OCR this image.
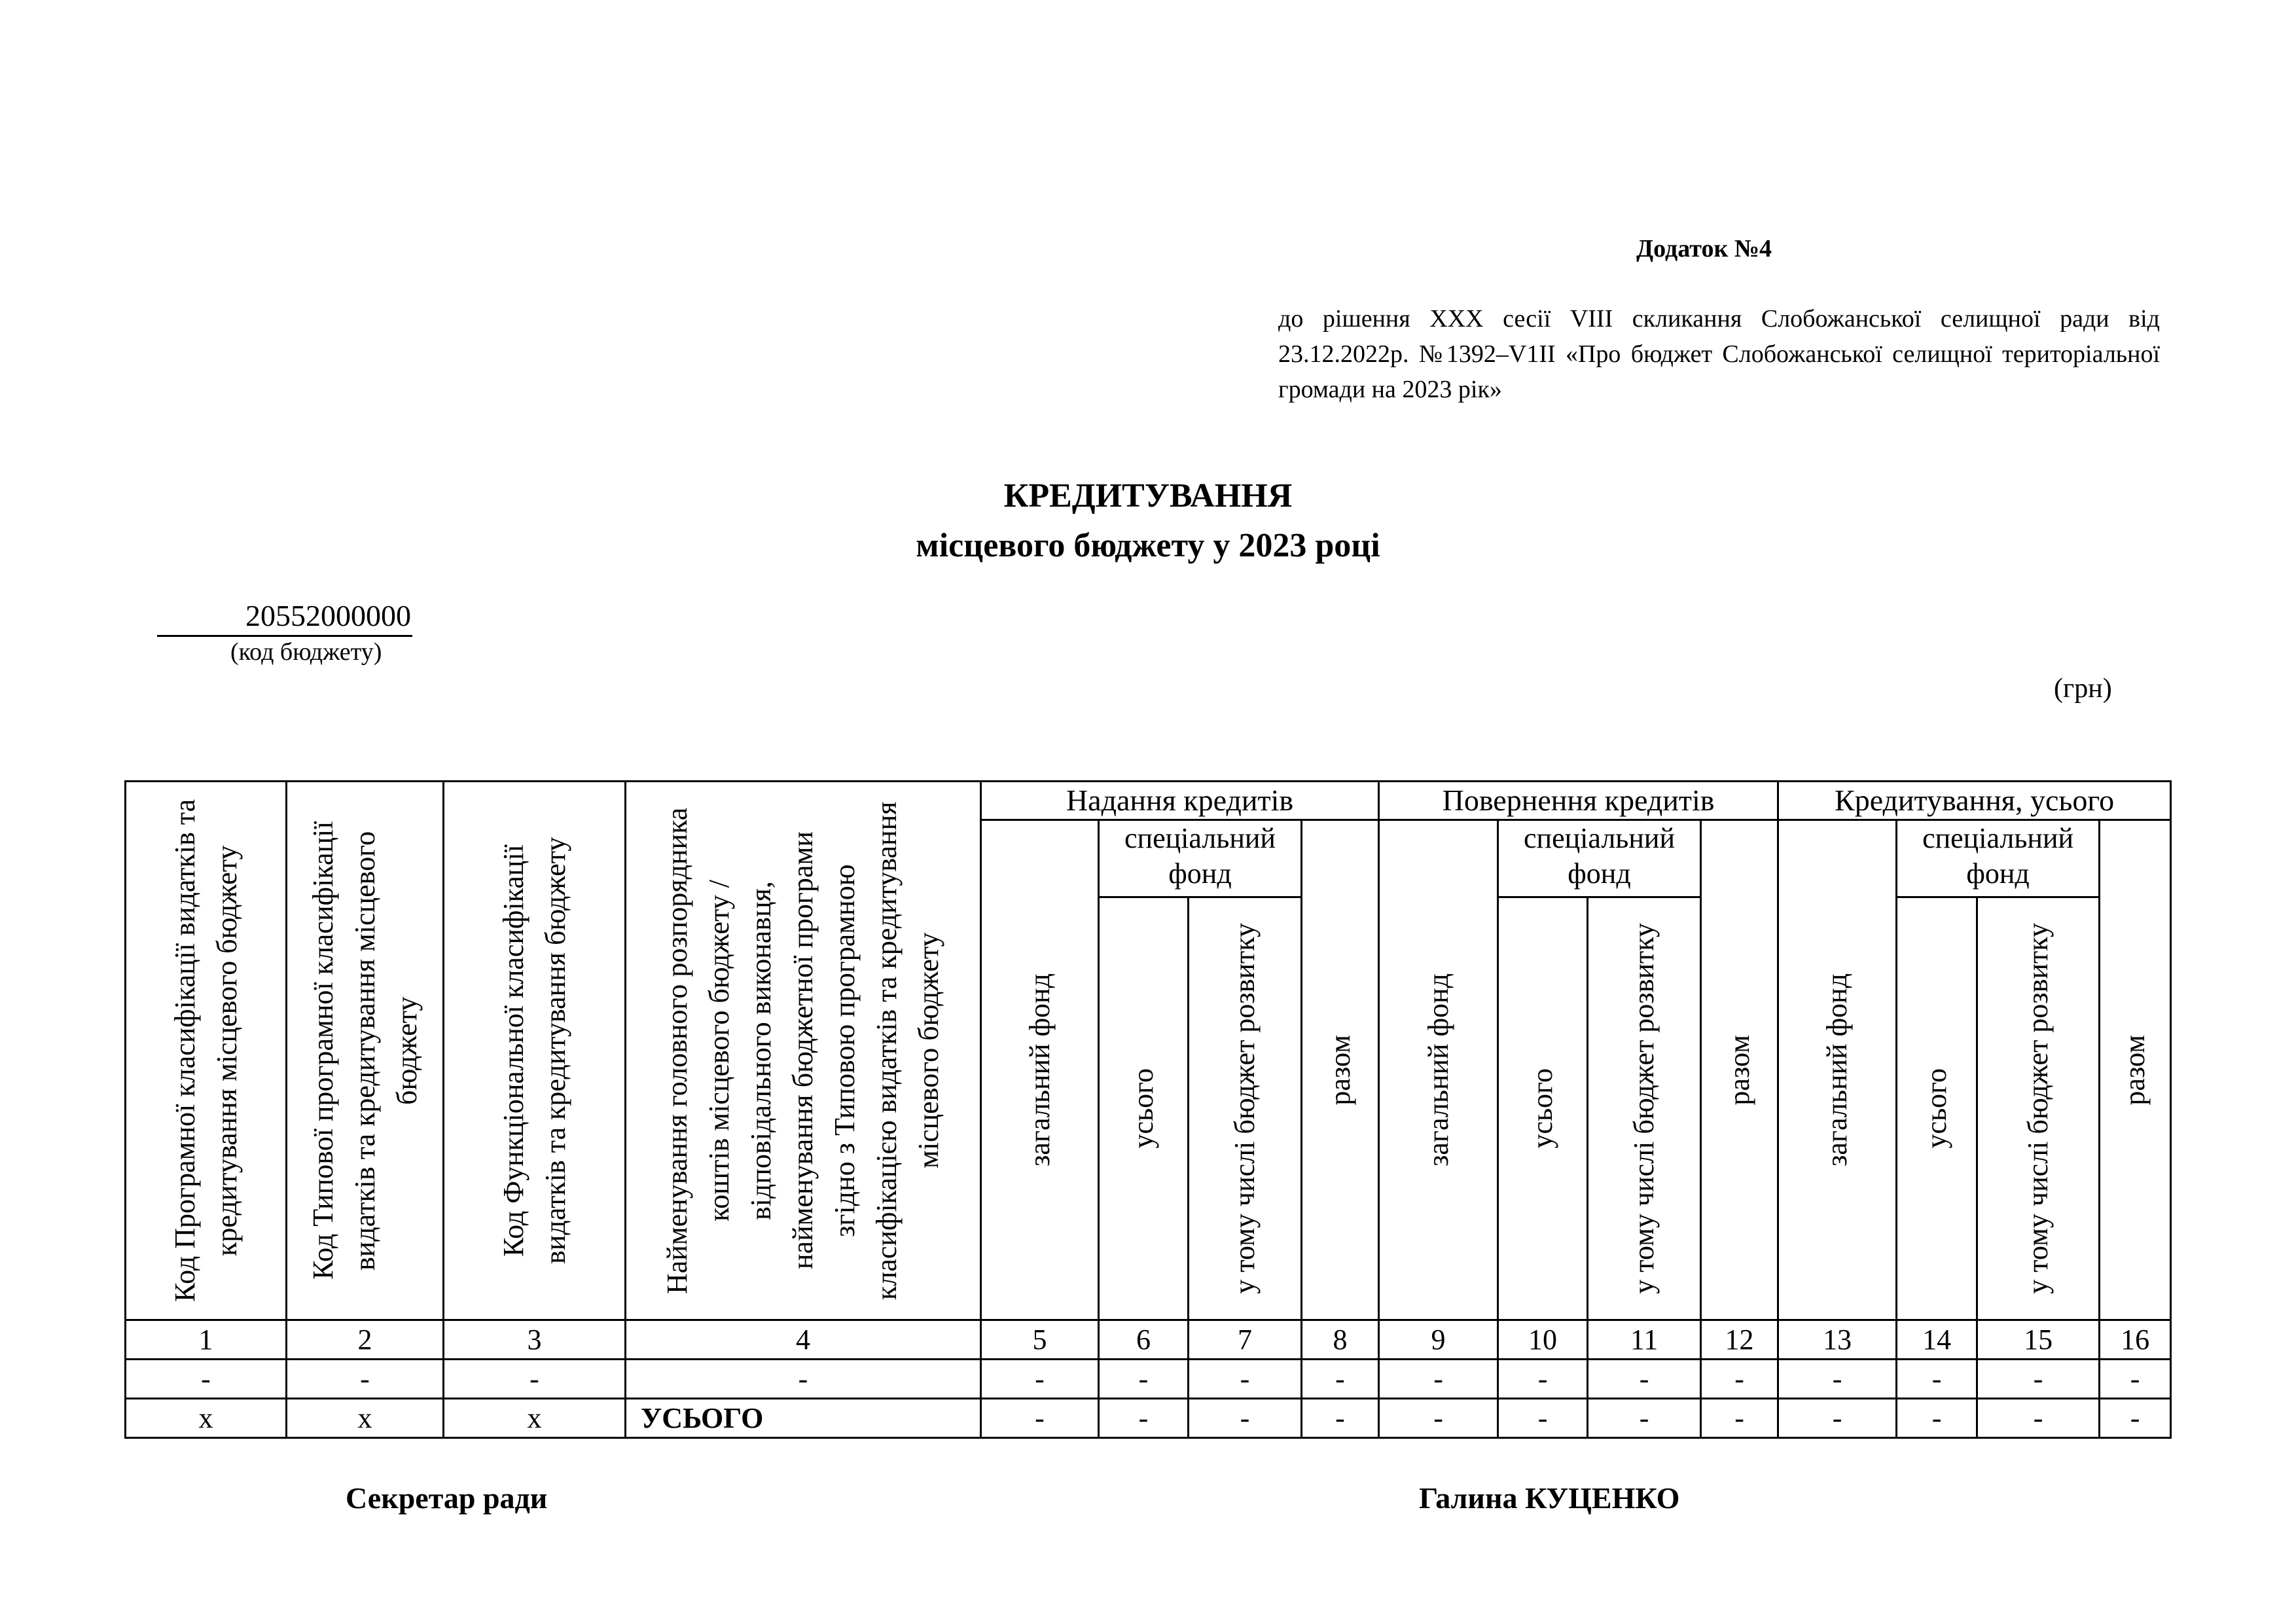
Додаток №4
до рішення XXX сесії VIII скликання Слобожанської селищної ради від 23.12.2022р. №1392–V1II «Про бюджет Слобожанської селищної територіальної громади на 2023 рік»
КРЕДИТУВАННЯ
місцевого бюджету у 2023 році
20552000000
(код бюджету)
(грн)
Код Програмної класифікації видатків та кредитування місцевого бюджету	Код Типової програмної класифікації видатків та кредитування місцевого бюджету	Код Функціональної класифікації видатків та кредитування бюджету	Найменування головного розпорядника коштів місцевого бюджету / відповідального виконавця, найменування бюджетної програми згідно з Типовою програмною класифікацією видатків та кредитування місцевого бюджету	Надання кредитів				Повернення кредитів				Кредитування, усього			

				загальний фонд	спеціальний фонд		разом	загальний фонд	спеціальний фонд		разом	загальний фонд	спеціальний фонд		разом

					усього	у тому числі бюджет розвитку			усього	у тому числі бюджет розвитку			усього	у тому числі бюджет розвитку	

1	2	3	4	5	6	7	8	9	10	11	12	13	14	15	16
-	-	-	-	-	-	-	-	-	-	-	-	-	-	-	-
x	x	x	УСЬОГО	-	-	-	-	-	-	-	-	-	-	-	-
Секретар ради	Галина КУЦЕНКО
